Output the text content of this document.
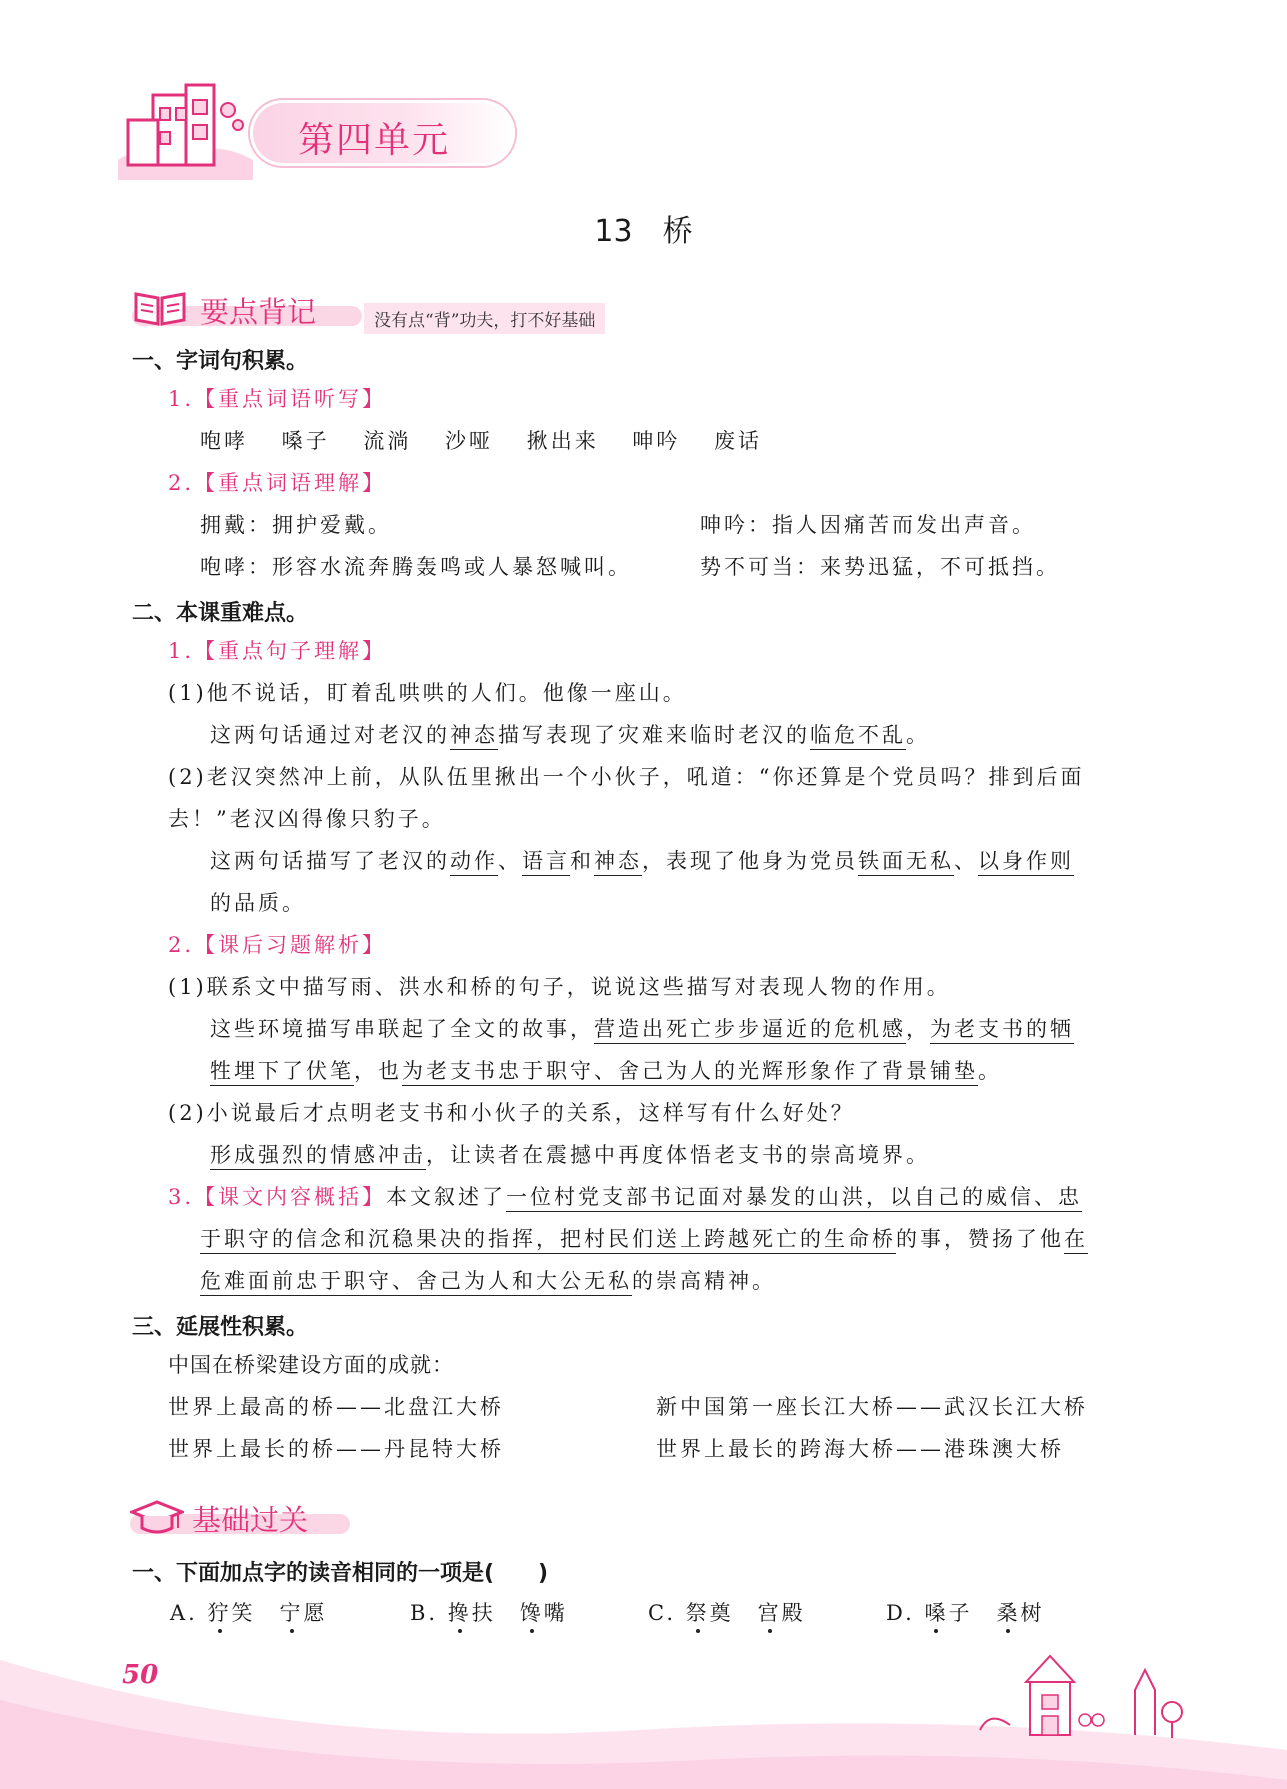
第四单元
13　桥
要点背记	没有点“背”功夫，打不好基础
一、字词句积累。
1.【重点词语听写】
咆哮　 嗓子　 流淌　 沙哑　 揪出来　 呻吟　 废话
2.【重点词语理解】
拥戴：拥护爱戴。	呻吟：指人因痛苦而发出声音。
咆哮：形容水流奔腾轰鸣或人暴怒喊叫。	势不可当：来势迅猛，不可抵挡。
二、本课重难点。
1.【重点句子理解】
(1)他不说话，盯着乱哄哄的人们。他像一座山。
这两句话通过对老汉的神态描写表现了灾难来临时老汉的临危不乱。
(2)老汉突然冲上前，从队伍里揪出一个小伙子，吼道：“你还算是个党员吗？排到后面
去！”老汉凶得像只豹子。
这两句话描写了老汉的动作、语言和神态，表现了他身为党员铁面无私、以身作则
的品质。
2.【课后习题解析】
(1)联系文中描写雨、洪水和桥的句子，说说这些描写对表现人物的作用。
这些环境描写串联起了全文的故事，营造出死亡步步逼近的危机感，为老支书的牺
牲埋下了伏笔，也为老支书忠于职守、舍己为人的光辉形象作了背景铺垫。
(2)小说最后才点明老支书和小伙子的关系，这样写有什么好处？
形成强烈的情感冲击，让读者在震撼中再度体悟老支书的崇高境界。
3.【课文内容概括】本文叙述了一位村党支部书记面对暴发的山洪，以自己的威信、忠
于职守的信念和沉稳果决的指挥，把村民们送上跨越死亡的生命桥的事，赞扬了他在
危难面前忠于职守、舍己为人和大公无私的崇高精神。
三、延展性积累。
中国在桥梁建设方面的成就：
世界上最高的桥——北盘江大桥	新中国第一座长江大桥——武汉长江大桥
世界上最长的桥——丹昆特大桥	世界上最长的跨海大桥——港珠澳大桥
基础过关
一、下面加点字的读音相同的一项是(　　)
A. 狞笑　宁愿	B. 搀扶　馋嘴	C. 祭奠　宫殿	D. 嗓子　桑树
50
